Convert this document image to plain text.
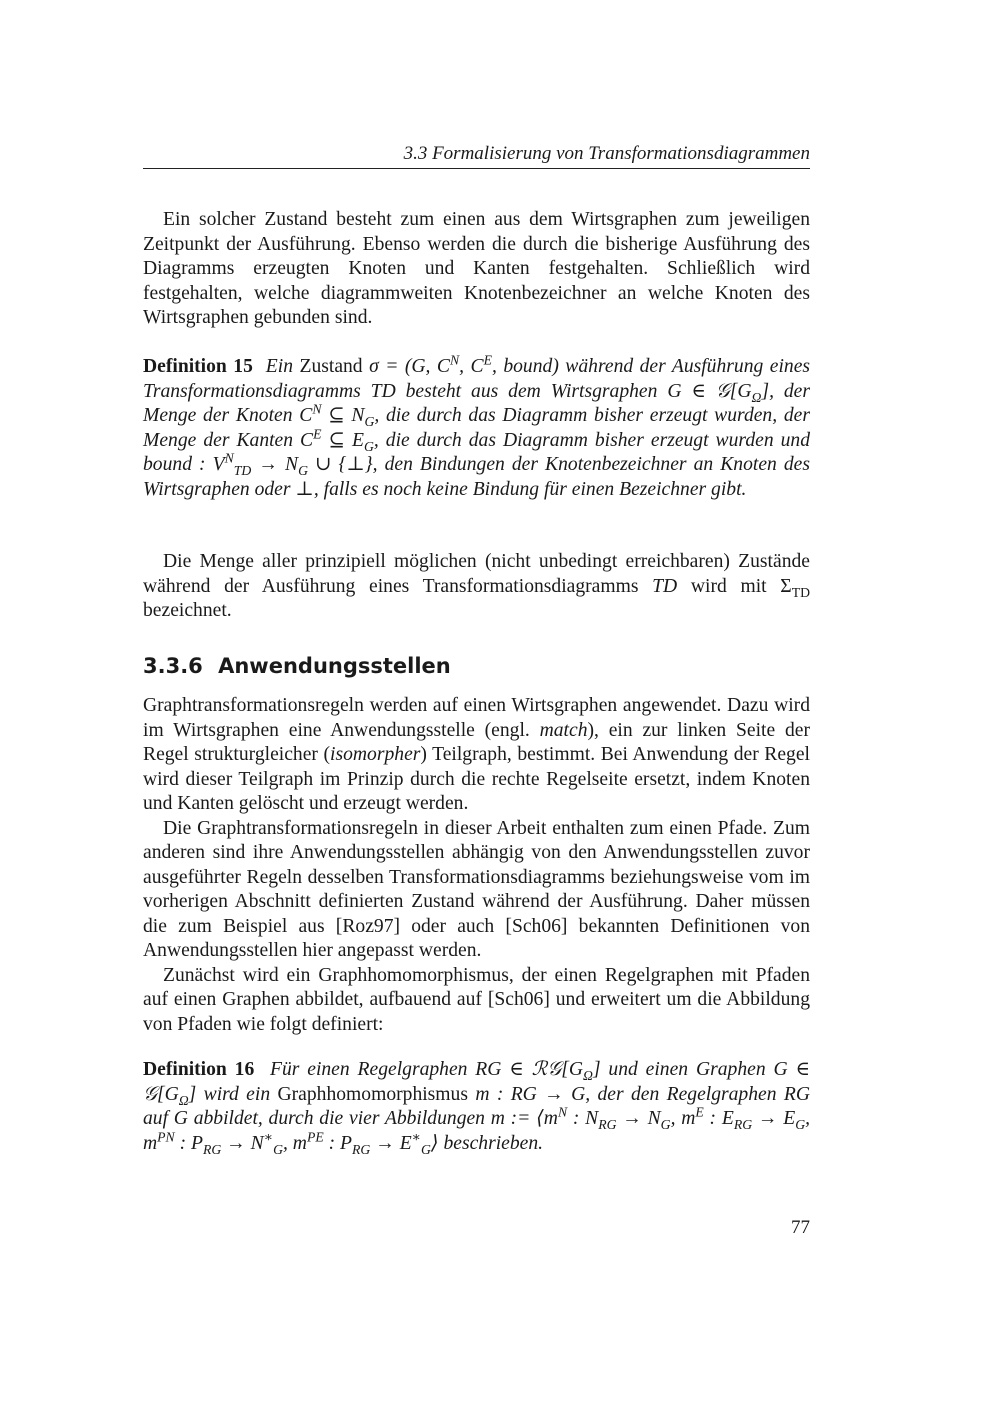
3.3 Formalisierung von Transformationsdiagrammen

Ein solcher Zustand besteht zum einen aus dem Wirtsgraphen zum jeweiligen Zeitpunkt der Ausführung. Ebenso werden die durch die bisherige Ausführung des Diagramms erzeugten Knoten und Kanten festgehalten. Schließlich wird festgehalten, welche diagrammweiten Knotenbezeichner an welche Knoten des Wirtsgraphen gebunden sind.

Definition 15 Ein Zustand σ = (G, $C^N$, $C^E$, bound) während der Ausführung eines Transformationsdiagramms TD besteht aus dem Wirtsgraphen G ∈ $𝒢[G_\Omega]$, der Menge der Knoten $C^N$ ⊆ $N_G$, die durch das Diagramm bisher erzeugt wurden, der Menge der Kanten $C^E$ ⊆ $E_G$, die durch das Diagramm bisher erzeugt wurden und bound : $V^N_{TD} \to N_G$ ∪ {⊥}, den Bindungen der Knotenbezeichner an Knoten des Wirtsgraphen oder ⊥, falls es noch keine Bindung für einen Bezeichner gibt.

Die Menge aller prinzipiell möglichen (nicht unbedingt erreichbaren) Zustände während der Ausführung eines Transformationsdiagramms TD wird mit $\Sigma_{TD}$ bezeichnet.

3.3.6 Anwendungsstellen

Graphtransformationsregeln werden auf einen Wirtsgraphen angewendet. Dazu wird im Wirtsgraphen eine Anwendungsstelle (engl. match), ein zur linken Seite der Regel strukturgleicher (isomorpher) Teilgraph, bestimmt. Bei Anwendung der Regel wird dieser Teilgraph im Prinzip durch die rechte Regelseite ersetzt, indem Knoten und Kanten gelöscht und erzeugt werden.

Die Graphtransformationsregeln in dieser Arbeit enthalten zum einen Pfade. Zum anderen sind ihre Anwendungsstellen abhängig von den Anwendungsstellen zuvor ausgeführter Regeln desselben Transformationsdiagramms beziehungsweise vom im vorherigen Abschnitt definierten Zustand während der Ausführung. Daher müssen die zum Beispiel aus [Roz97] oder auch [Sch06] bekannten Definitionen von Anwendungsstellen hier angepasst werden.

Zunächst wird ein Graphhomomorphismus, der einen Regelgraphen mit Pfaden auf einen Graphen abbildet, aufbauend auf [Sch06] und erweitert um die Abbildung von Pfaden wie folgt definiert:

Definition 16 Für einen Regelgraphen RG ∈ $ℛ𝒢[G_\Omega]$ und einen Graphen G ∈ $𝒢[G_\Omega]$ wird ein Graphhomomorphismus m : RG → G, der den Regelgraphen RG auf G abbildet, durch die vier Abbildungen m := $⟨m^N$ : $N_{RG} \to N_G$, $m^E$ : $E_{RG} \to E_G$, $m^{PN}$ : $P_{RG} \to N^∗_G$, $m^{PE}$ : $P_{RG}$ → $E^∗_G⟩$ beschrieben.

77
